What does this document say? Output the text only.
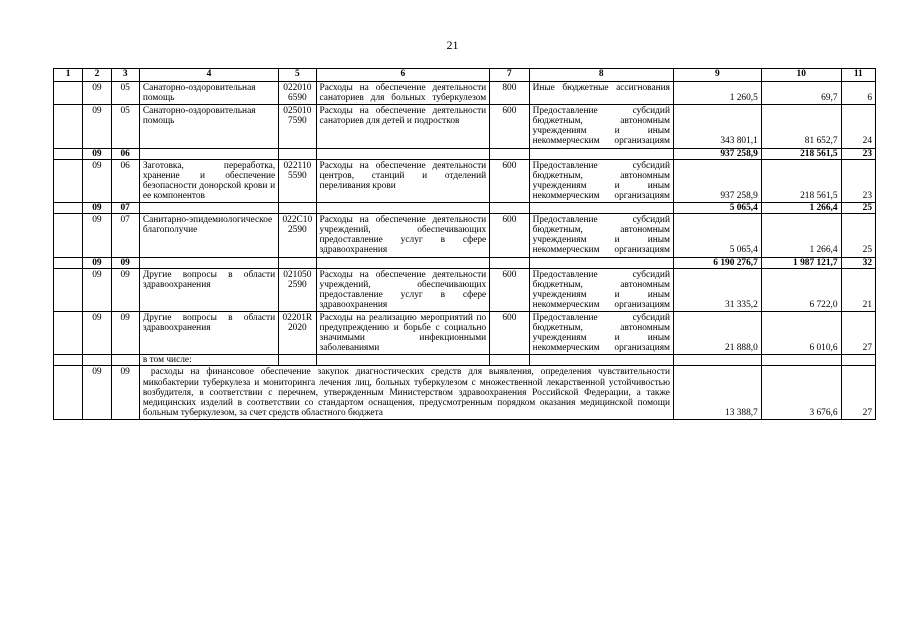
21
1	2	3	4	5	6	7	8	9	10	11
	09	05	Санаторно-оздоровительная помощь	022010 6590	Расходы на обеспечение деятельности санаториев для больных туберкулезом	800	Иные бюджетные ассигнования	1 260,5	69,7	6
	09	05	Санаторно-оздоровительная помощь	025010 7590	Расходы на обеспечение деятельности санаториев для детей и подростков	600	Предоставление субсидий бюджетным, автономным учреждениям и иным некоммерческим организациям	343 801,1	81 652,7	24
	09	06						937 258,9	218 561,5	23
	09	06	Заготовка, переработка, хранение и обеспечение безопасности донорской крови и ее компонентов	022110 5590	Расходы на обеспечение деятельности центров, станций и отделений переливания крови	600	Предоставление субсидий бюджетным, автономным учреждениям и иным некоммерческим организациям	937 258,9	218 561,5	23
	09	07						5 065,4	1 266,4	25
	09	07	Санитарно-эпидемиологическое благополучие	022С10 2590	Расходы на обеспечение деятельности учреждений, обеспечивающих предоставление услуг в сфере здравоохранения	600	Предоставление субсидий бюджетным, автономным учреждениям и иным некоммерческим организациям	5 065,4	1 266,4	25
	09	09						6 190 276,7	1 987 121,7	32
	09	09	Другие вопросы в области здравоохранения	021050 2590	Расходы на обеспечение деятельности учреждений, обеспечивающих предоставление услуг в сфере здравоохранения	600	Предоставление субсидий бюджетным, автономным учреждениям и иным некоммерческим организациям	31 335,2	6 722,0	21
	09	09	Другие вопросы в области здравоохранения	02201R 2020	Расходы на реализацию мероприятий по предупреждению и борьбе с социально значимыми инфекционными заболеваниями	600	Предоставление субсидий бюджетным, автономным учреждениям и иным некоммерческим организациям	21 888,0	6 010,6	27
			в том числе:							
	09	09	расходы на финансовое обеспечение закупок диагностических средств для выявления, определения чувствительности микобактерии туберкулеза и мониторинга лечения лиц, больных туберкулезом с множественной лекарственной устойчивостью возбудителя, в соответствии с перечнем, утвержденным Министерством здравоохранения Российской Федерации, а также медицинских изделий в соответствии со стандартом оснащения, предусмотренным порядком оказания медицинской помощи больным туберкулезом, за счет средств областного бюджета					13 388,7	3 676,6	27
